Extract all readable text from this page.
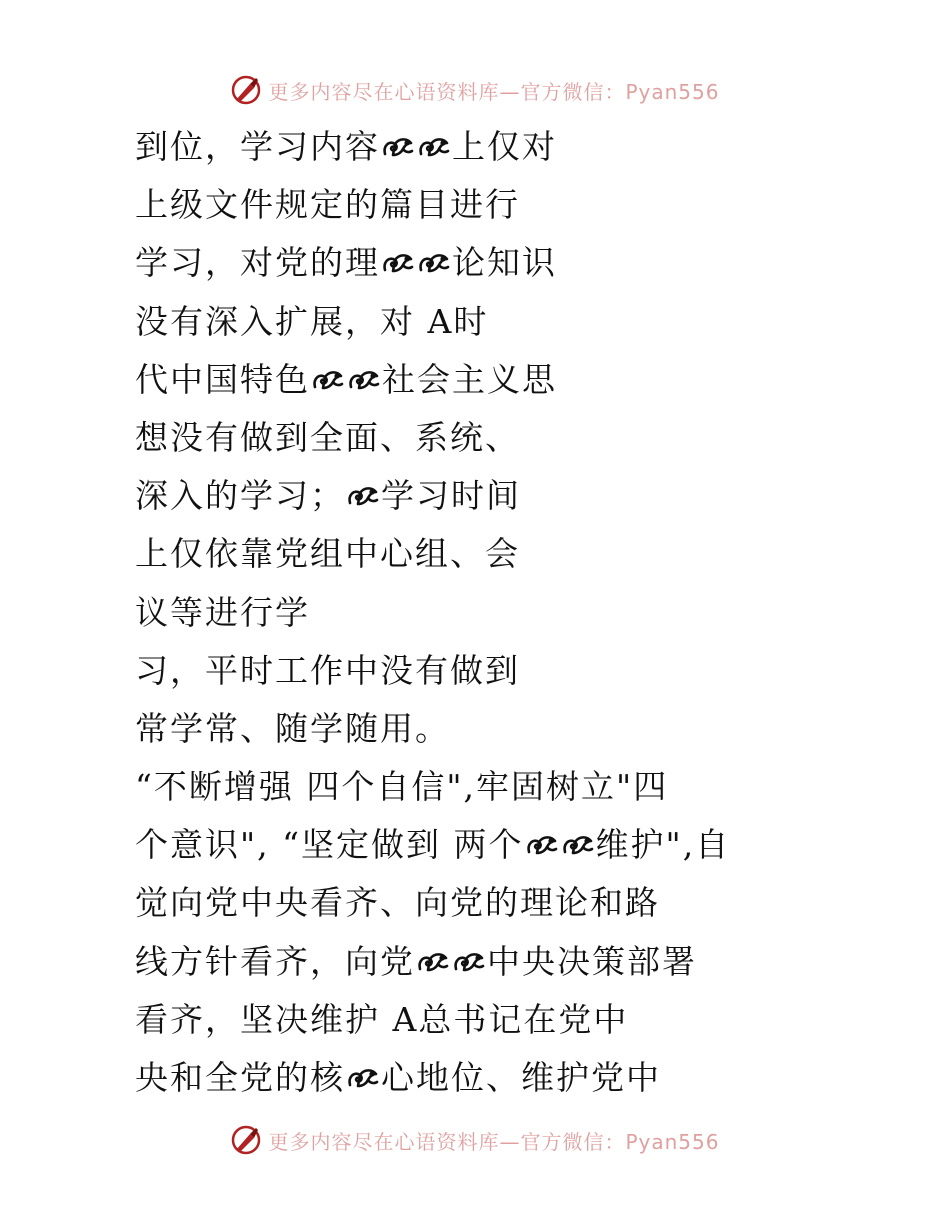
更多内容尽在心语资料库—官方微信：Pyan556
到位，学习内容 上仅对
上级文件规定的篇目进行
学习，对党的理 论知识
没有深入扩展，对 A时
代中国特色 社会主义思
想没有做到全面、系统、
深入的学习； 学习时间
上仅依靠党组中心组、会
议等进行学
习，平时工作中没有做到
常学常、随学随用。
“不断增强 四个自信",牢固树立"四
个意识", “坚定做到 两个 维护",自
觉向党中央看齐、向党的理论和路
线方针看齐，向党 中央决策部署
看齐，坚决维护 A总书记在党中
央和全党的核 心地位、维护党中
更多内容尽在心语资料库—官方微信：Pyan556
